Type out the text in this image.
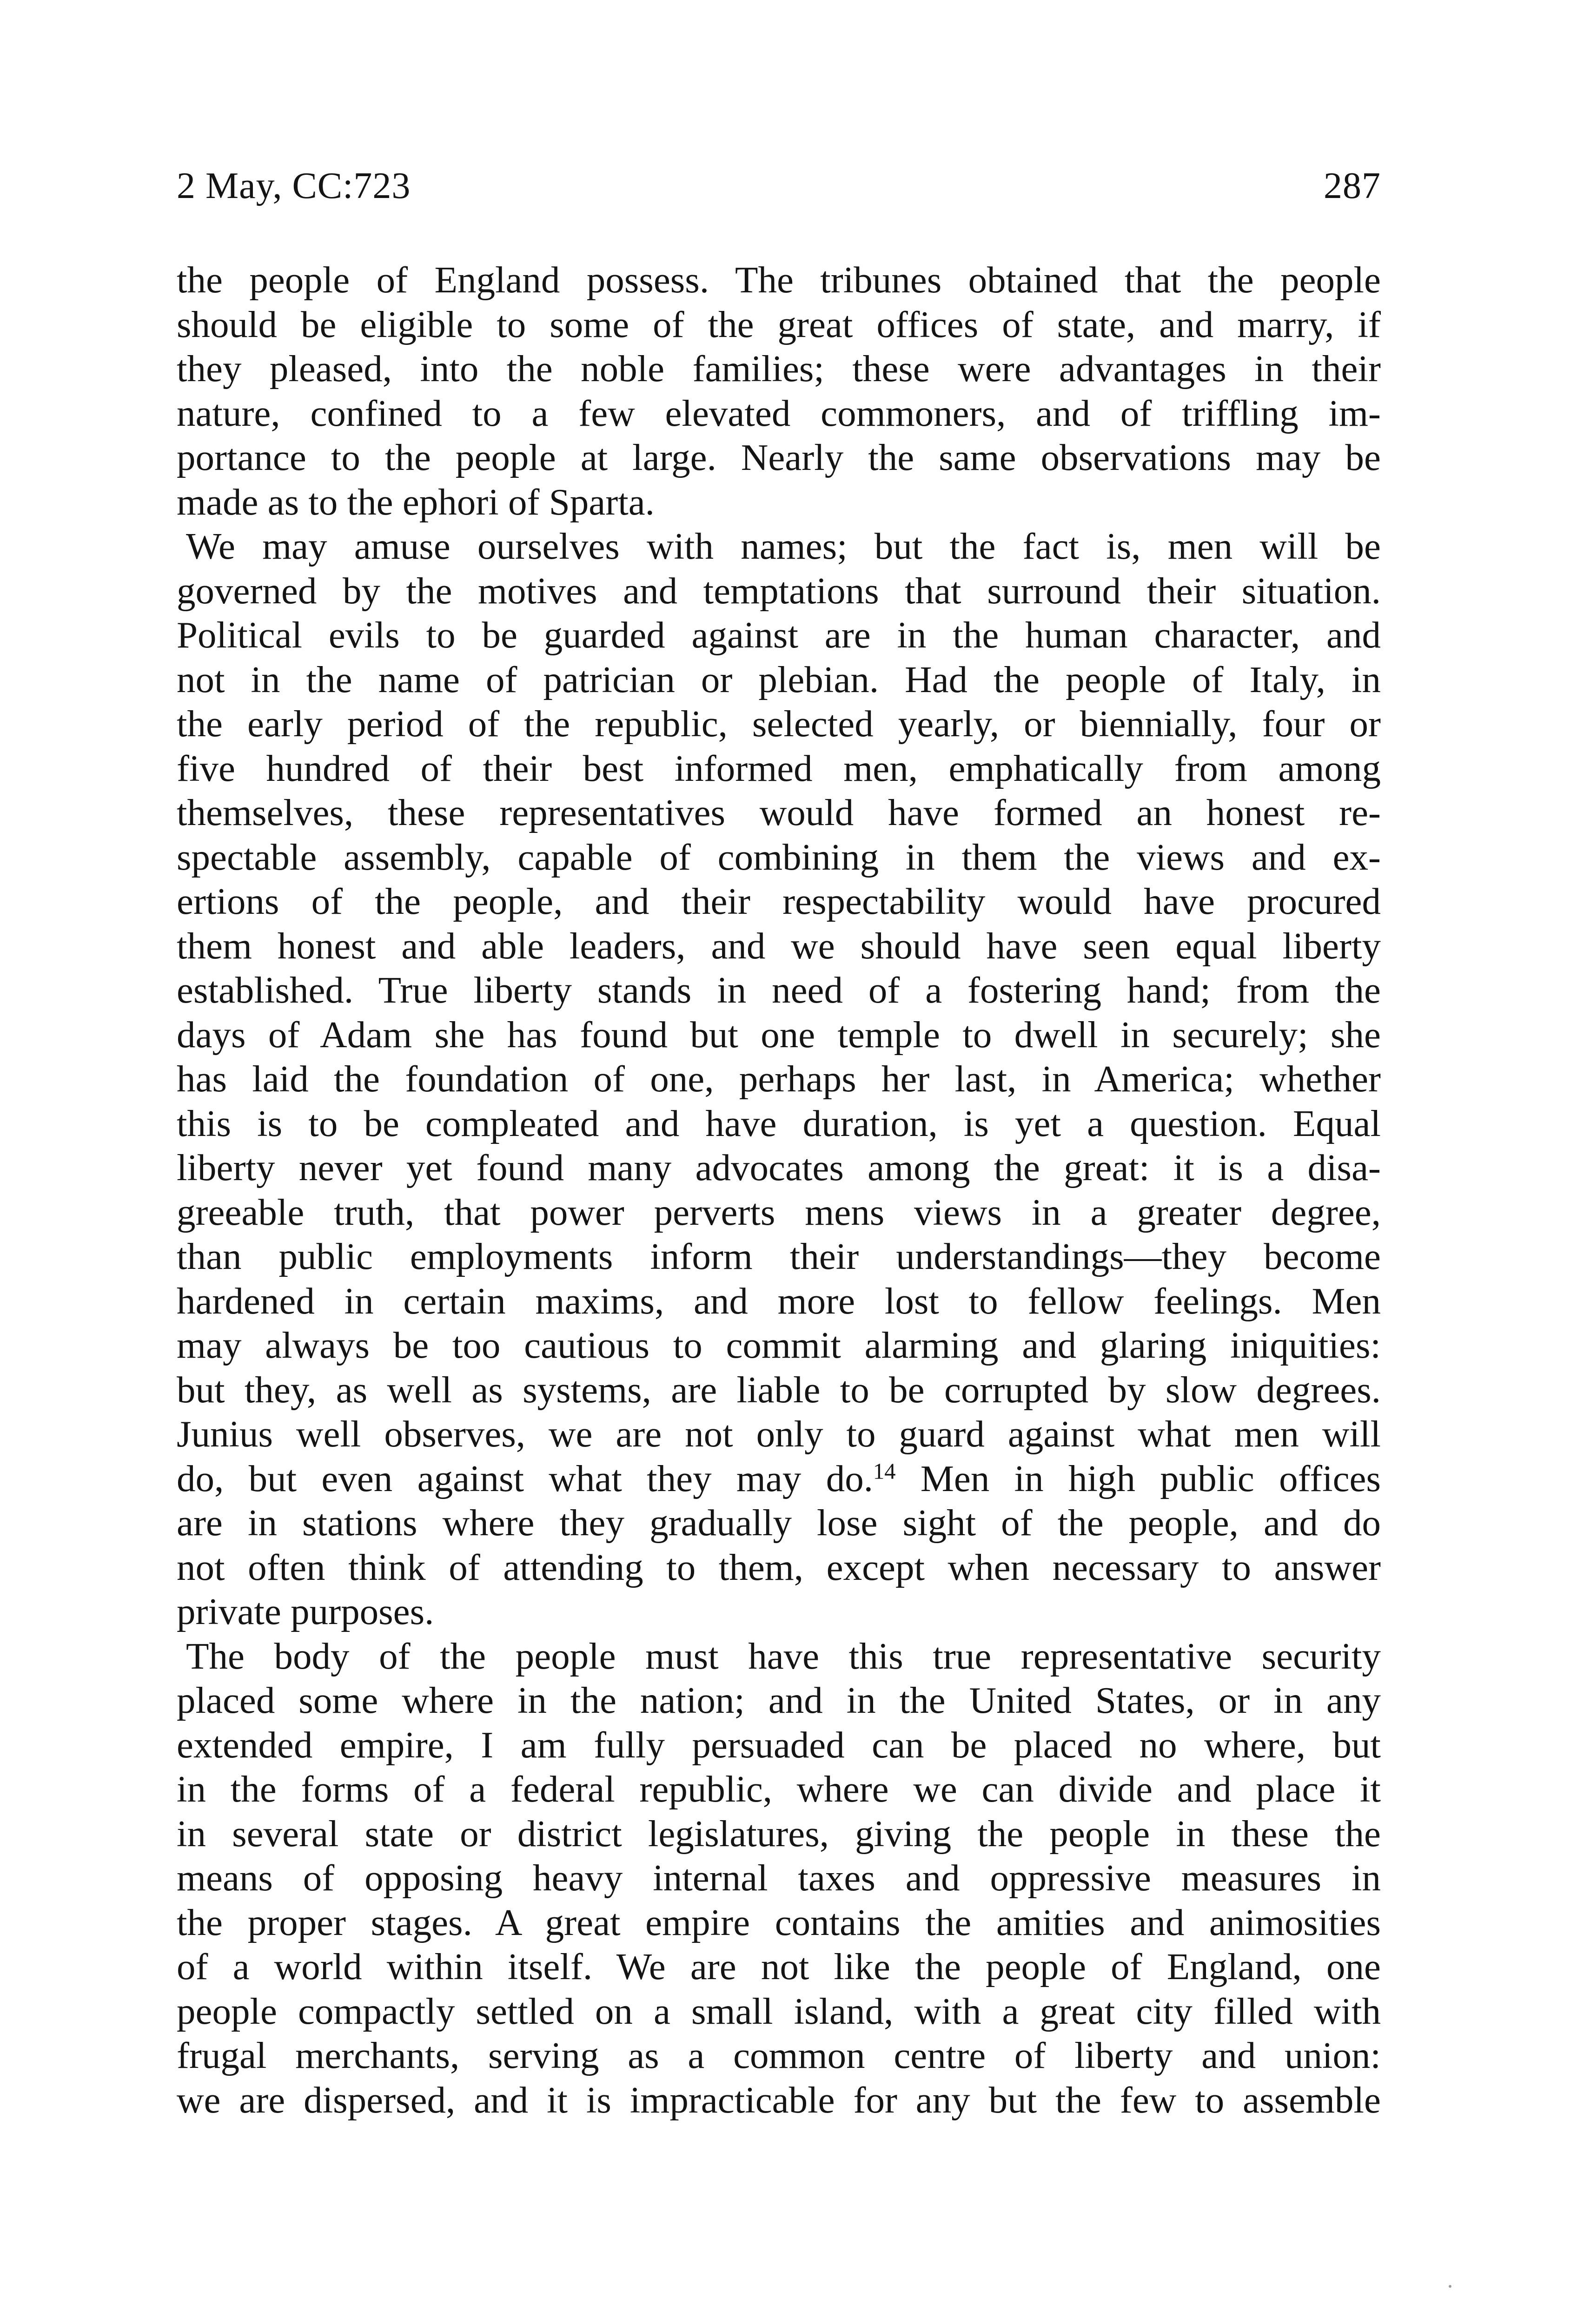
2 May, CC:723	287
the people of England possess. The tribunes obtained that the people
should be eligible to some of the great offices of state, and marry, if
they pleased, into the noble families; these were advantages in their
nature, confined to a few elevated commoners, and of triffling im-
portance to the people at large. Nearly the same observations may be
made as to the ephori of Sparta.
We may amuse ourselves with names; but the fact is, men will be
governed by the motives and temptations that surround their situation.
Political evils to be guarded against are in the human character, and
not in the name of patrician or plebian. Had the people of Italy, in
the early period of the republic, selected yearly, or biennially, four or
five hundred of their best informed men, emphatically from among
themselves, these representatives would have formed an honest re-
spectable assembly, capable of combining in them the views and ex-
ertions of the people, and their respectability would have procured
them honest and able leaders, and we should have seen equal liberty
established. True liberty stands in need of a fostering hand; from the
days of Adam she has found but one temple to dwell in securely; she
has laid the foundation of one, perhaps her last, in America; whether
this is to be compleated and have duration, is yet a question. Equal
liberty never yet found many advocates among the great: it is a disa-
greeable truth, that power perverts mens views in a greater degree,
than public employments inform their understandings—they become
hardened in certain maxims, and more lost to fellow feelings. Men
may always be too cautious to commit alarming and glaring iniquities:
but they, as well as systems, are liable to be corrupted by slow degrees.
Junius well observes, we are not only to guard against what men will
do, but even against what they may do.$^{14}$ Men in high public offices
are in stations where they gradually lose sight of the people, and do
not often think of attending to them, except when necessary to answer
private purposes.
The body of the people must have this true representative security
placed some where in the nation; and in the United States, or in any
extended empire, I am fully persuaded can be placed no where, but
in the forms of a federal republic, where we can divide and place it
in several state or district legislatures, giving the people in these the
means of opposing heavy internal taxes and oppressive measures in
the proper stages. A great empire contains the amities and animosities
of a world within itself. We are not like the people of England, one
people compactly settled on a small island, with a great city filled with
frugal merchants, serving as a common centre of liberty and union:
we are dispersed, and it is impracticable for any but the few to assemble
